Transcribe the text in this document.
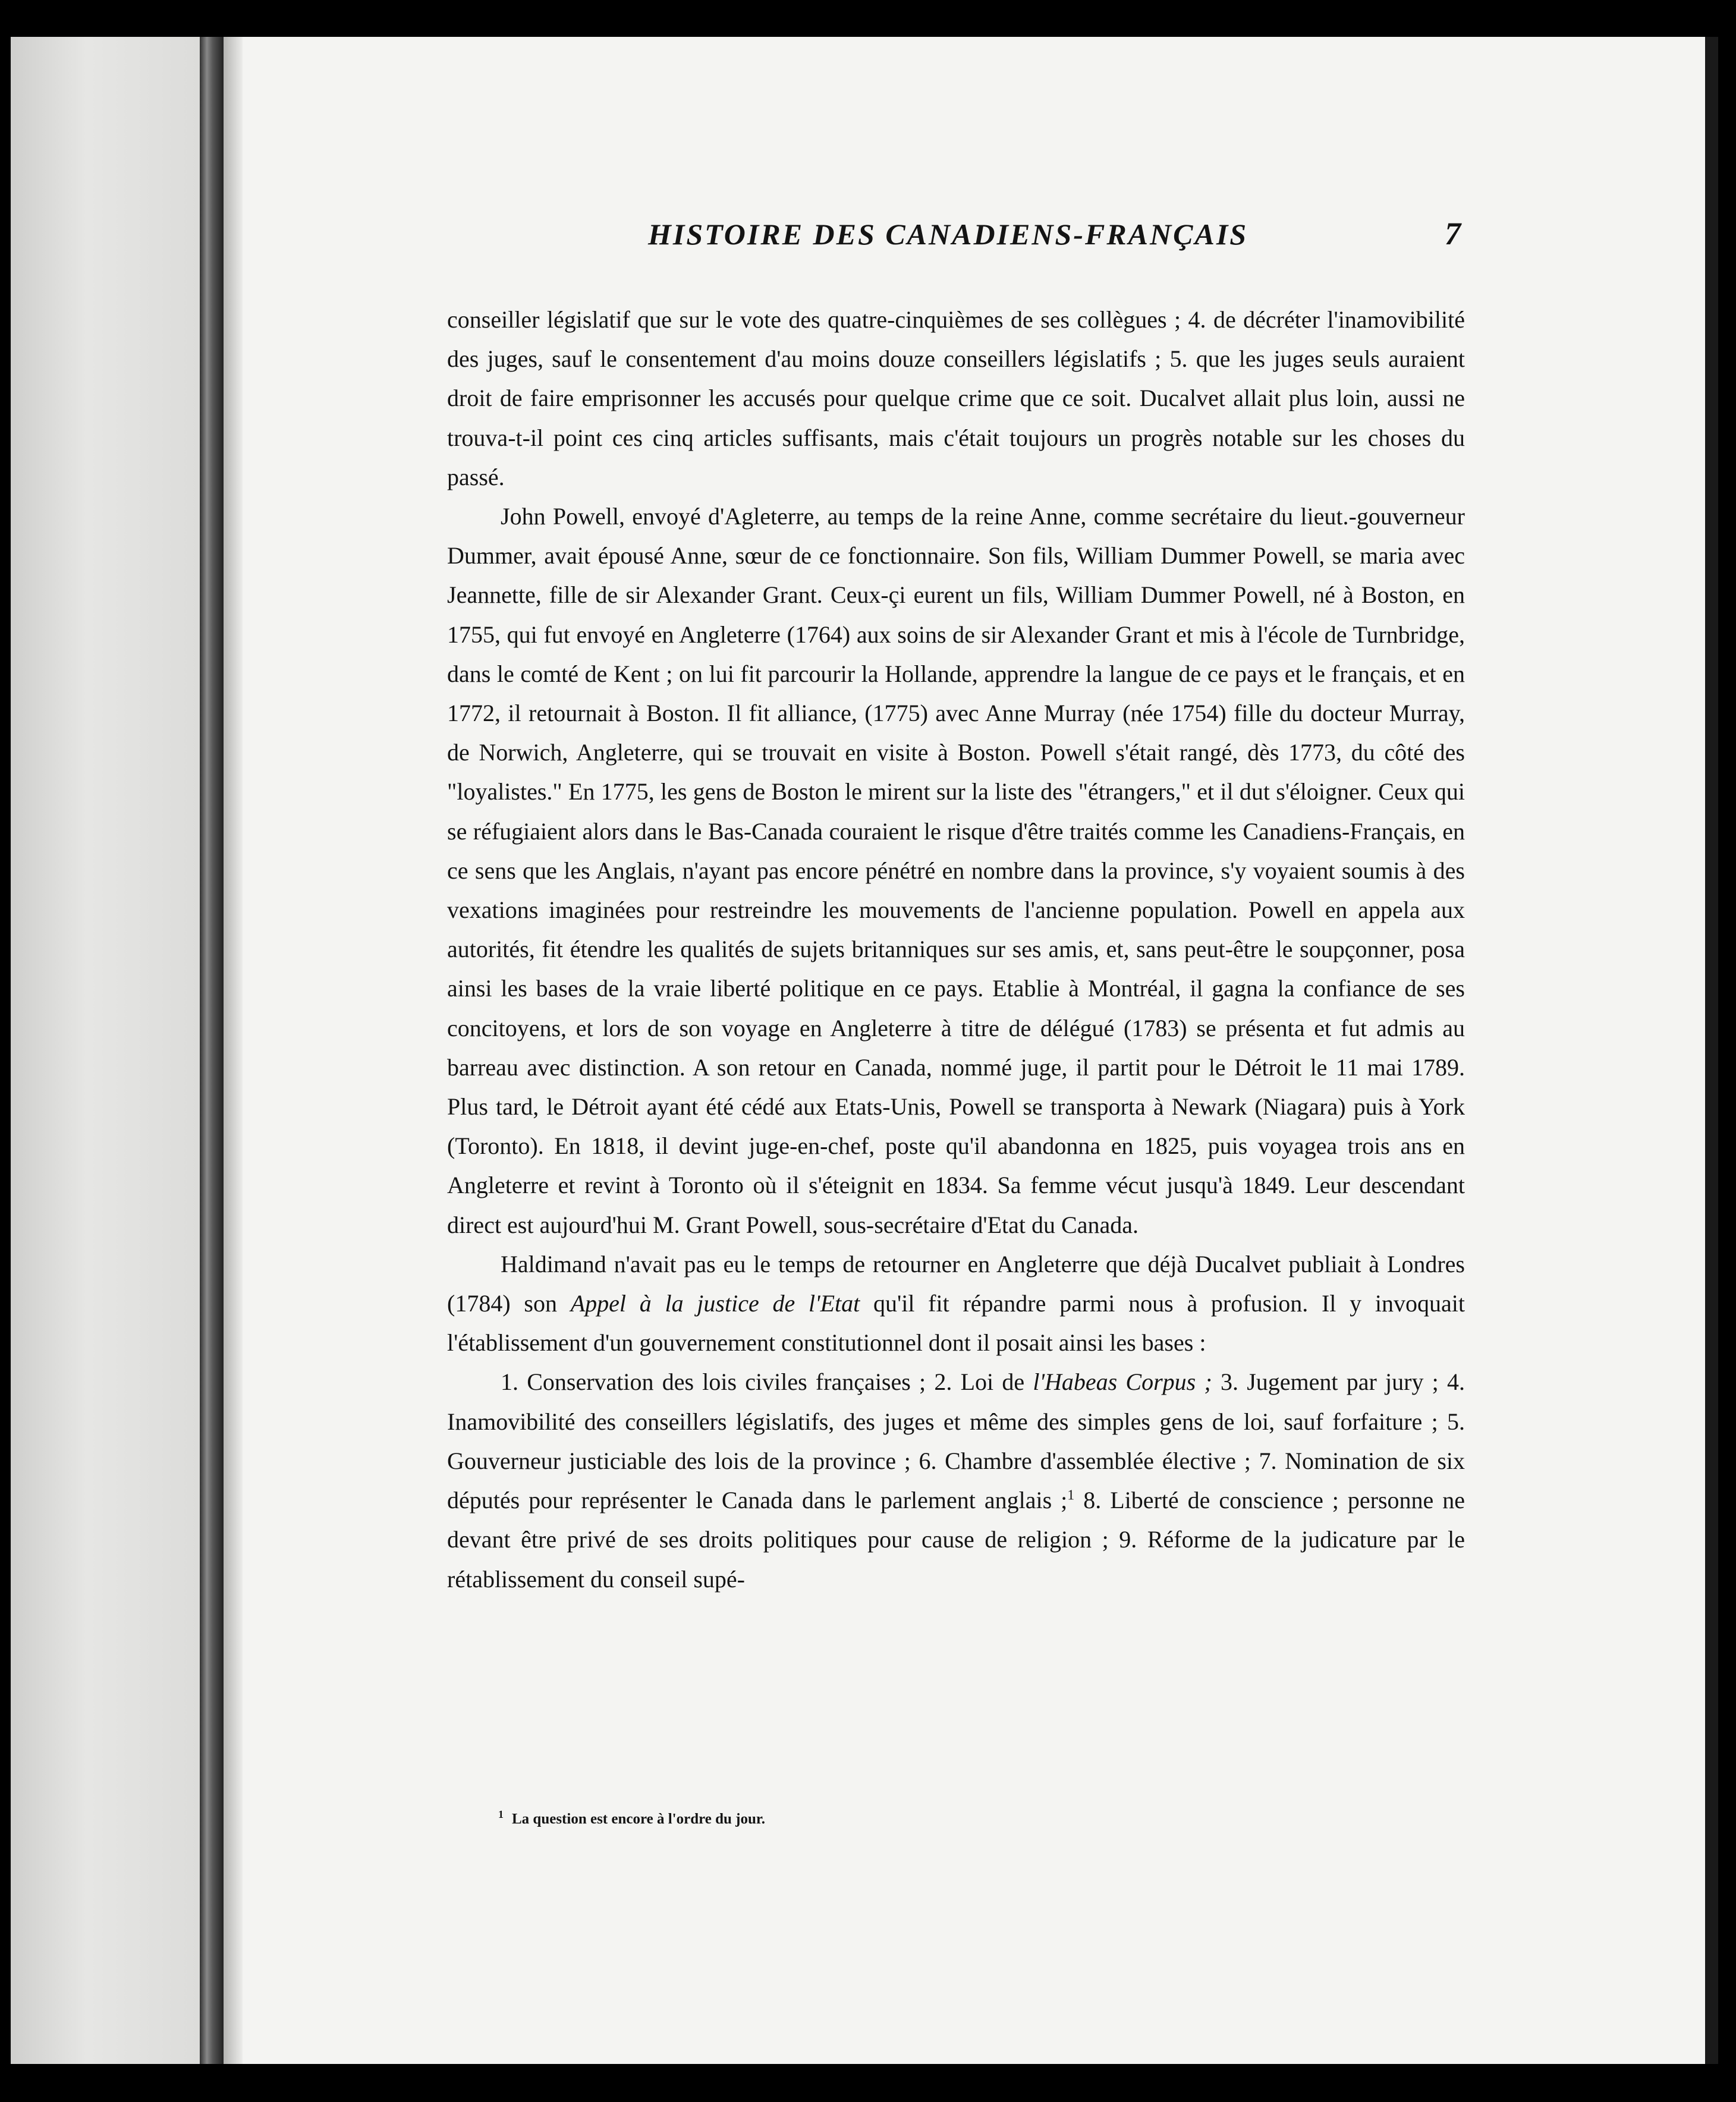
HISTOIRE DES CANADIENS-FRANÇAIS	7

conseiller législatif que sur le vote des quatre-cinquièmes de ses collègues ; 4. de décréter l'inamovibilité des juges, sauf le consentement d'au moins douze conseillers législatifs ; 5. que les juges seuls auraient droit de faire emprisonner les accusés pour quelque crime que ce soit. Ducalvet allait plus loin, aussi ne trouva-t-il point ces cinq articles suffisants, mais c'était toujours un progrès notable sur les choses du passé.

John Powell, envoyé d'Agleterre, au temps de la reine Anne, comme secrétaire du lieut.-gouverneur Dummer, avait épousé Anne, sœur de ce fonctionnaire. Son fils, William Dummer Powell, se maria avec Jeannette, fille de sir Alexander Grant. Ceux-çi eurent un fils, William Dummer Powell, né à Boston, en 1755, qui fut envoyé en Angleterre (1764) aux soins de sir Alexander Grant et mis à l'école de Turnbridge, dans le comté de Kent ; on lui fit parcourir la Hollande, apprendre la langue de ce pays et le français, et en 1772, il retournait à Boston. Il fit alliance, (1775) avec Anne Murray (née 1754) fille du docteur Murray, de Norwich, Angleterre, qui se trouvait en visite à Boston. Powell s'était rangé, dès 1773, du côté des "loyalistes." En 1775, les gens de Boston le mirent sur la liste des "étrangers," et il dut s'éloigner. Ceux qui se réfugiaient alors dans le Bas-Canada couraient le risque d'être traités comme les Canadiens-Français, en ce sens que les Anglais, n'ayant pas encore pénétré en nombre dans la province, s'y voyaient soumis à des vexations imaginées pour restreindre les mouvements de l'ancienne population. Powell en appela aux autorités, fit étendre les qualités de sujets britanniques sur ses amis, et, sans peut-être le soupçonner, posa ainsi les bases de la vraie liberté politique en ce pays. Etablie à Montréal, il gagna la confiance de ses concitoyens, et lors de son voyage en Angleterre à titre de délégué (1783) se présenta et fut admis au barreau avec distinction. A son retour en Canada, nommé juge, il partit pour le Détroit le 11 mai 1789. Plus tard, le Détroit ayant été cédé aux Etats-Unis, Powell se transporta à Newark (Niagara) puis à York (Toronto). En 1818, il devint juge-en-chef, poste qu'il abandonna en 1825, puis voyagea trois ans en Angleterre et revint à Toronto où il s'éteignit en 1834. Sa femme vécut jusqu'à 1849. Leur descendant direct est aujourd'hui M. Grant Powell, sous-secrétaire d'Etat du Canada.

Haldimand n'avait pas eu le temps de retourner en Angleterre que déjà Ducalvet publiait à Londres (1784) son Appel à la justice de l'Etat qu'il fit répandre parmi nous à profusion. Il y invoquait l'établissement d'un gouvernement constitutionnel dont il posait ainsi les bases :

1. Conservation des lois civiles françaises ; 2. Loi de l'Habeas Corpus ; 3. Jugement par jury ; 4. Inamovibilité des conseillers législatifs, des juges et même des simples gens de loi, sauf forfaiture ; 5. Gouverneur justiciable des lois de la province ; 6. Chambre d'assemblée élective ; 7. Nomination de six députés pour représenter le Canada dans le parlement anglais ;$^1$ 8. Liberté de conscience ; personne ne devant être privé de ses droits politiques pour cause de religion ; 9. Réforme de la judicature par le rétablissement du conseil supé-

$^1$ La question est encore à l'ordre du jour.
